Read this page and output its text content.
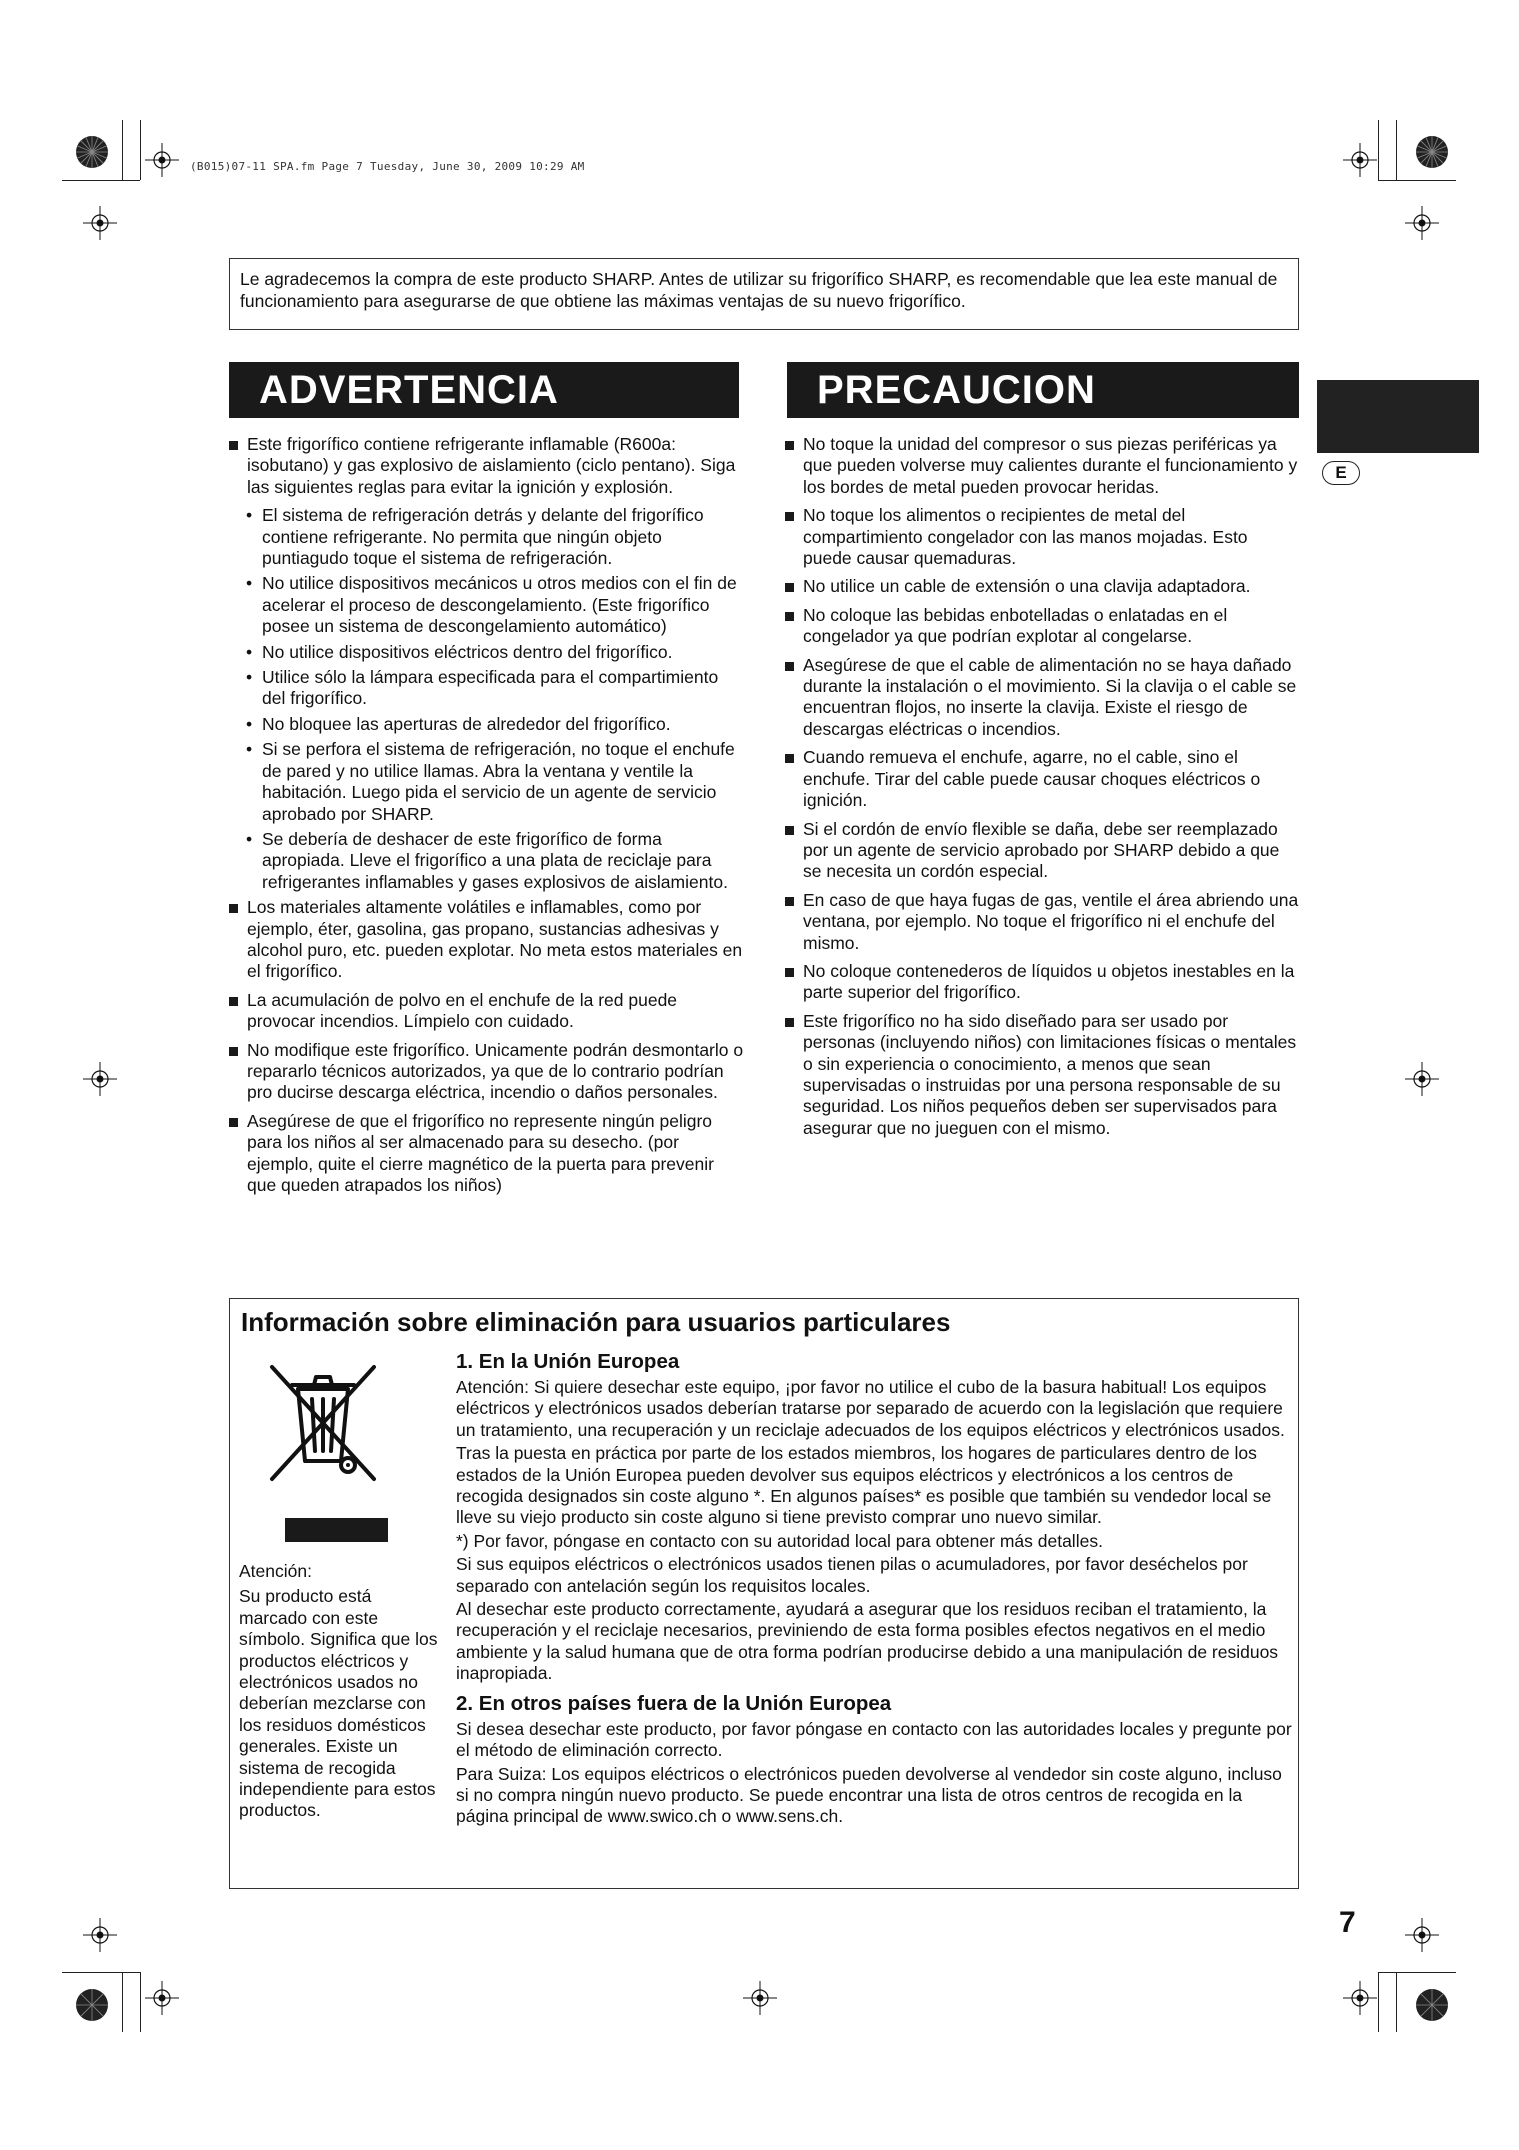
(B015)07-11 SPA.fm Page 7 Tuesday, June 30, 2009 10:29 AM
Le agradecemos la compra de este producto SHARP. Antes de utilizar su frigorífico SHARP, es recomendable que lea este manual de funcionamiento para asegurarse de que obtiene las máximas ventajas de su nuevo frigorífico.
ADVERTENCIA	PRECAUCION
E
Este frigorífico contiene refrigerante inflamable (R600a: isobutano) y gas explosivo de aislamiento (ciclo pentano). Siga las siguientes reglas para evitar la ignición y explosión.
• El sistema de refrigeración detrás y delante del frigorífico contiene refrigerante. No permita que ningún objeto puntiagudo toque el sistema de refrigeración.
• No utilice dispositivos mecánicos u otros medios con el fin de acelerar el proceso de descongelamiento. (Este frigorífico posee un sistema de descongelamiento automático)
• No utilice dispositivos eléctricos dentro del frigorífico.
• Utilice sólo la lámpara especificada para el compartimiento del frigorífico.
• No bloquee las aperturas de alrededor del frigorífico.
• Si se perfora el sistema de refrigeración, no toque el enchufe de pared y no utilice llamas. Abra la ventana y ventile la habitación. Luego pida el servicio de un agente de servicio aprobado por SHARP.
• Se debería de deshacer de este frigorífico de forma apropiada. Lleve el frigorífico a una plata de reciclaje para refrigerantes inflamables y gases explosivos de aislamiento.
Los materiales altamente volátiles e inflamables, como por ejemplo, éter, gasolina, gas propano, sustancias adhesivas y alcohol puro, etc. pueden explotar. No meta estos materiales en el frigorífico.
La acumulación de polvo en el enchufe de la red puede provocar incendios. Límpielo con cuidado.
No modifique este frigorífico. Unicamente podrán desmontarlo o repararlo técnicos autorizados, ya que de lo contrario podrían pro ducirse descarga eléctrica, incendio o daños personales.
Asegúrese de que el frigorífico no represente ningún peligro para los niños al ser almacenado para su desecho. (por ejemplo, quite el cierre magnético de la puerta para prevenir que queden atrapados los niños)
No toque la unidad del compresor o sus piezas periféricas ya que pueden volverse muy calientes durante el funcionamiento y los bordes de metal pueden provocar heridas.
No toque los alimentos o recipientes de metal del compartimiento congelador con las manos mojadas. Esto puede causar quemaduras.
No utilice un cable de extensión o una clavija adaptadora.
No coloque las bebidas enbotelladas o enlatadas en el congelador ya que podrían explotar al congelarse.
Asegúrese de que el cable de alimentación no se haya dañado durante la instalación o el movimiento. Si la clavija o el cable se encuentran flojos, no inserte la clavija. Existe el riesgo de descargas eléctricas o incendios.
Cuando remueva el enchufe, agarre, no el cable, sino el enchufe. Tirar del cable puede causar choques eléctricos o ignición.
Si el cordón de envío flexible se daña, debe ser reemplazado por un agente de servicio aprobado por SHARP debido a que se necesita un cordón especial.
En caso de que haya fugas de gas, ventile el área abriendo una ventana, por ejemplo. No toque el frigorífico ni el enchufe del mismo.
No coloque contenederos de líquidos u objetos inestables en la parte superior del frigorífico.
Este frigorífico no ha sido diseñado para ser usado por personas (incluyendo niños) con limitaciones físicas o mentales o sin experiencia o conocimiento, a menos que sean supervisadas o instruidas por una persona responsable de su seguridad. Los niños pequeños deben ser supervisados para asegurar que no jueguen con el mismo.
Información sobre eliminación para usuarios particulares
Atención:
Su producto está marcado con este símbolo. Significa que los productos eléctricos y electrónicos usados no deberían mezclarse con los residuos domésticos generales. Existe un sistema de recogida independiente para estos productos.
1. En la Unión Europea

Atención: Si quiere desechar este equipo, ¡por favor no utilice el cubo de la basura habitual! Los equipos eléctricos y electrónicos usados deberían tratarse por separado de acuerdo con la legislación que requiere un tratamiento, una recuperación y un reciclaje adecuados de los equipos eléctricos y electrónicos usados.

Tras la puesta en práctica por parte de los estados miembros, los hogares de particulares dentro de los estados de la Unión Europea pueden devolver sus equipos eléctricos y electrónicos a los centros de recogida designados sin coste alguno *. En algunos países* es posible que también su vendedor local se lleve su viejo producto sin coste alguno si tiene previsto comprar uno nuevo similar.

*) Por favor, póngase en contacto con su autoridad local para obtener más detalles.

Si sus equipos eléctricos o electrónicos usados tienen pilas o acumuladores, por favor deséchelos por separado con antelación según los requisitos locales.

Al desechar este producto correctamente, ayudará a asegurar que los residuos reciban el tratamiento, la recuperación y el reciclaje necesarios, previniendo de esta forma posibles efectos negativos en el medio ambiente y la salud humana que de otra forma podrían producirse debido a una manipulación de residuos inapropiada.

2. En otros países fuera de la Unión Europea

Si desea desechar este producto, por favor póngase en contacto con las autoridades locales y pregunte por el método de eliminación correcto.

Para Suiza: Los equipos eléctricos o electrónicos pueden devolverse al vendedor sin coste alguno, incluso si no compra ningún nuevo producto. Se puede encontrar una lista de otros centros de recogida en la página principal de www.swico.ch o www.sens.ch.

7
